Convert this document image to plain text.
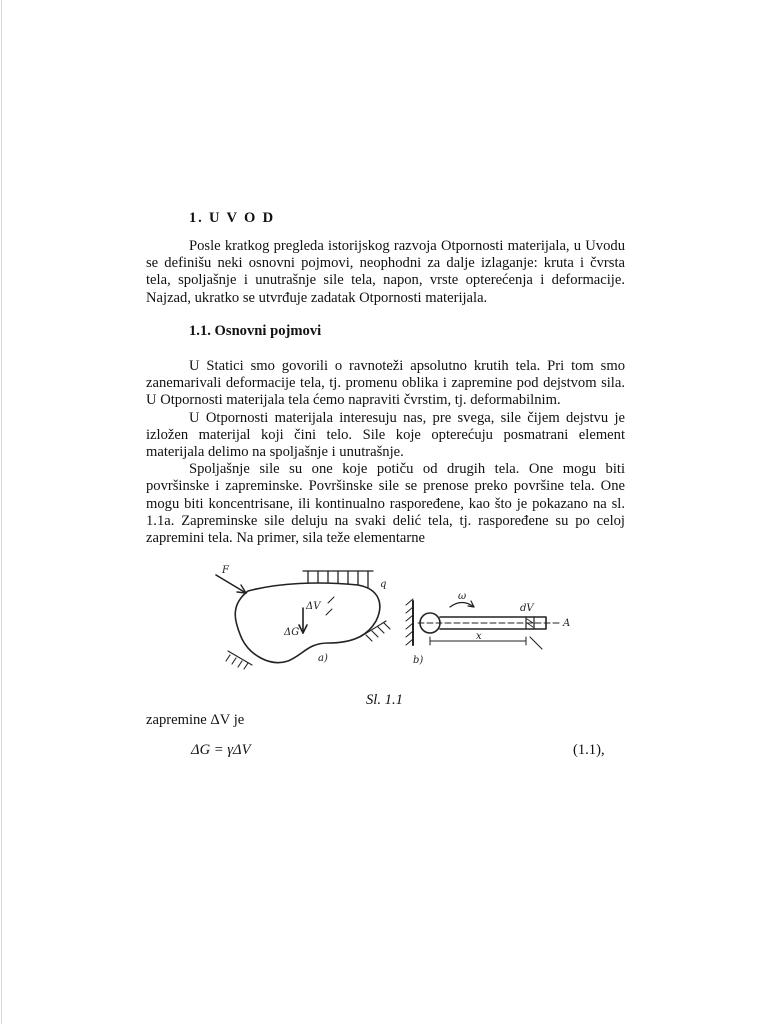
1. U V O D

Posle kratkog pregleda istorijskog razvoja Otpornosti materijala, u Uvodu se definišu neki osnovni pojmovi, neophodni za dalje izlaganje: kruta i čvrsta tela, spoljašnje i unutrašnje sile tela, napon, vrste opterećenja i deformacije. Najzad, ukratko se utvrđuje zadatak Otpornosti materijala.

1.1. Osnovni pojmovi

U Statici smo govorili o ravnoteži apsolutno krutih tela. Pri tom smo zanemarivali deformacije tela, tj. promenu oblika i zapremine pod dejstvom sila. U Otpornosti materijala tela ćemo napraviti čvrstim, tj. deformabilnim.

U Otpornosti materijala interesuju nas, pre svega, sile čijem dejstvu je izložen materijal koji čini telo. Sile koje opterećuju posmatrani element materijala delimo na spoljašnje i unutrašnje.

Spoljašnje sile su one koje potiču od drugih tela. One mogu biti površinske i zapreminske. Površinske sile se prenose preko površine tela. One mogu biti koncentrisane, ili kontinualno raspoređene, kao što je pokazano na sl. 1.1a. Zapreminske sile deluju na svaki delić tela, tj. raspoređene su po celoj zapremini tela. Na primer, sila teže elementarne

F
ΔV
ΔG
a)	b)
ω
dV
x
A
q
Sl. 1.1
zapremine ΔV je
ΔG = γΔV	(1.1),
